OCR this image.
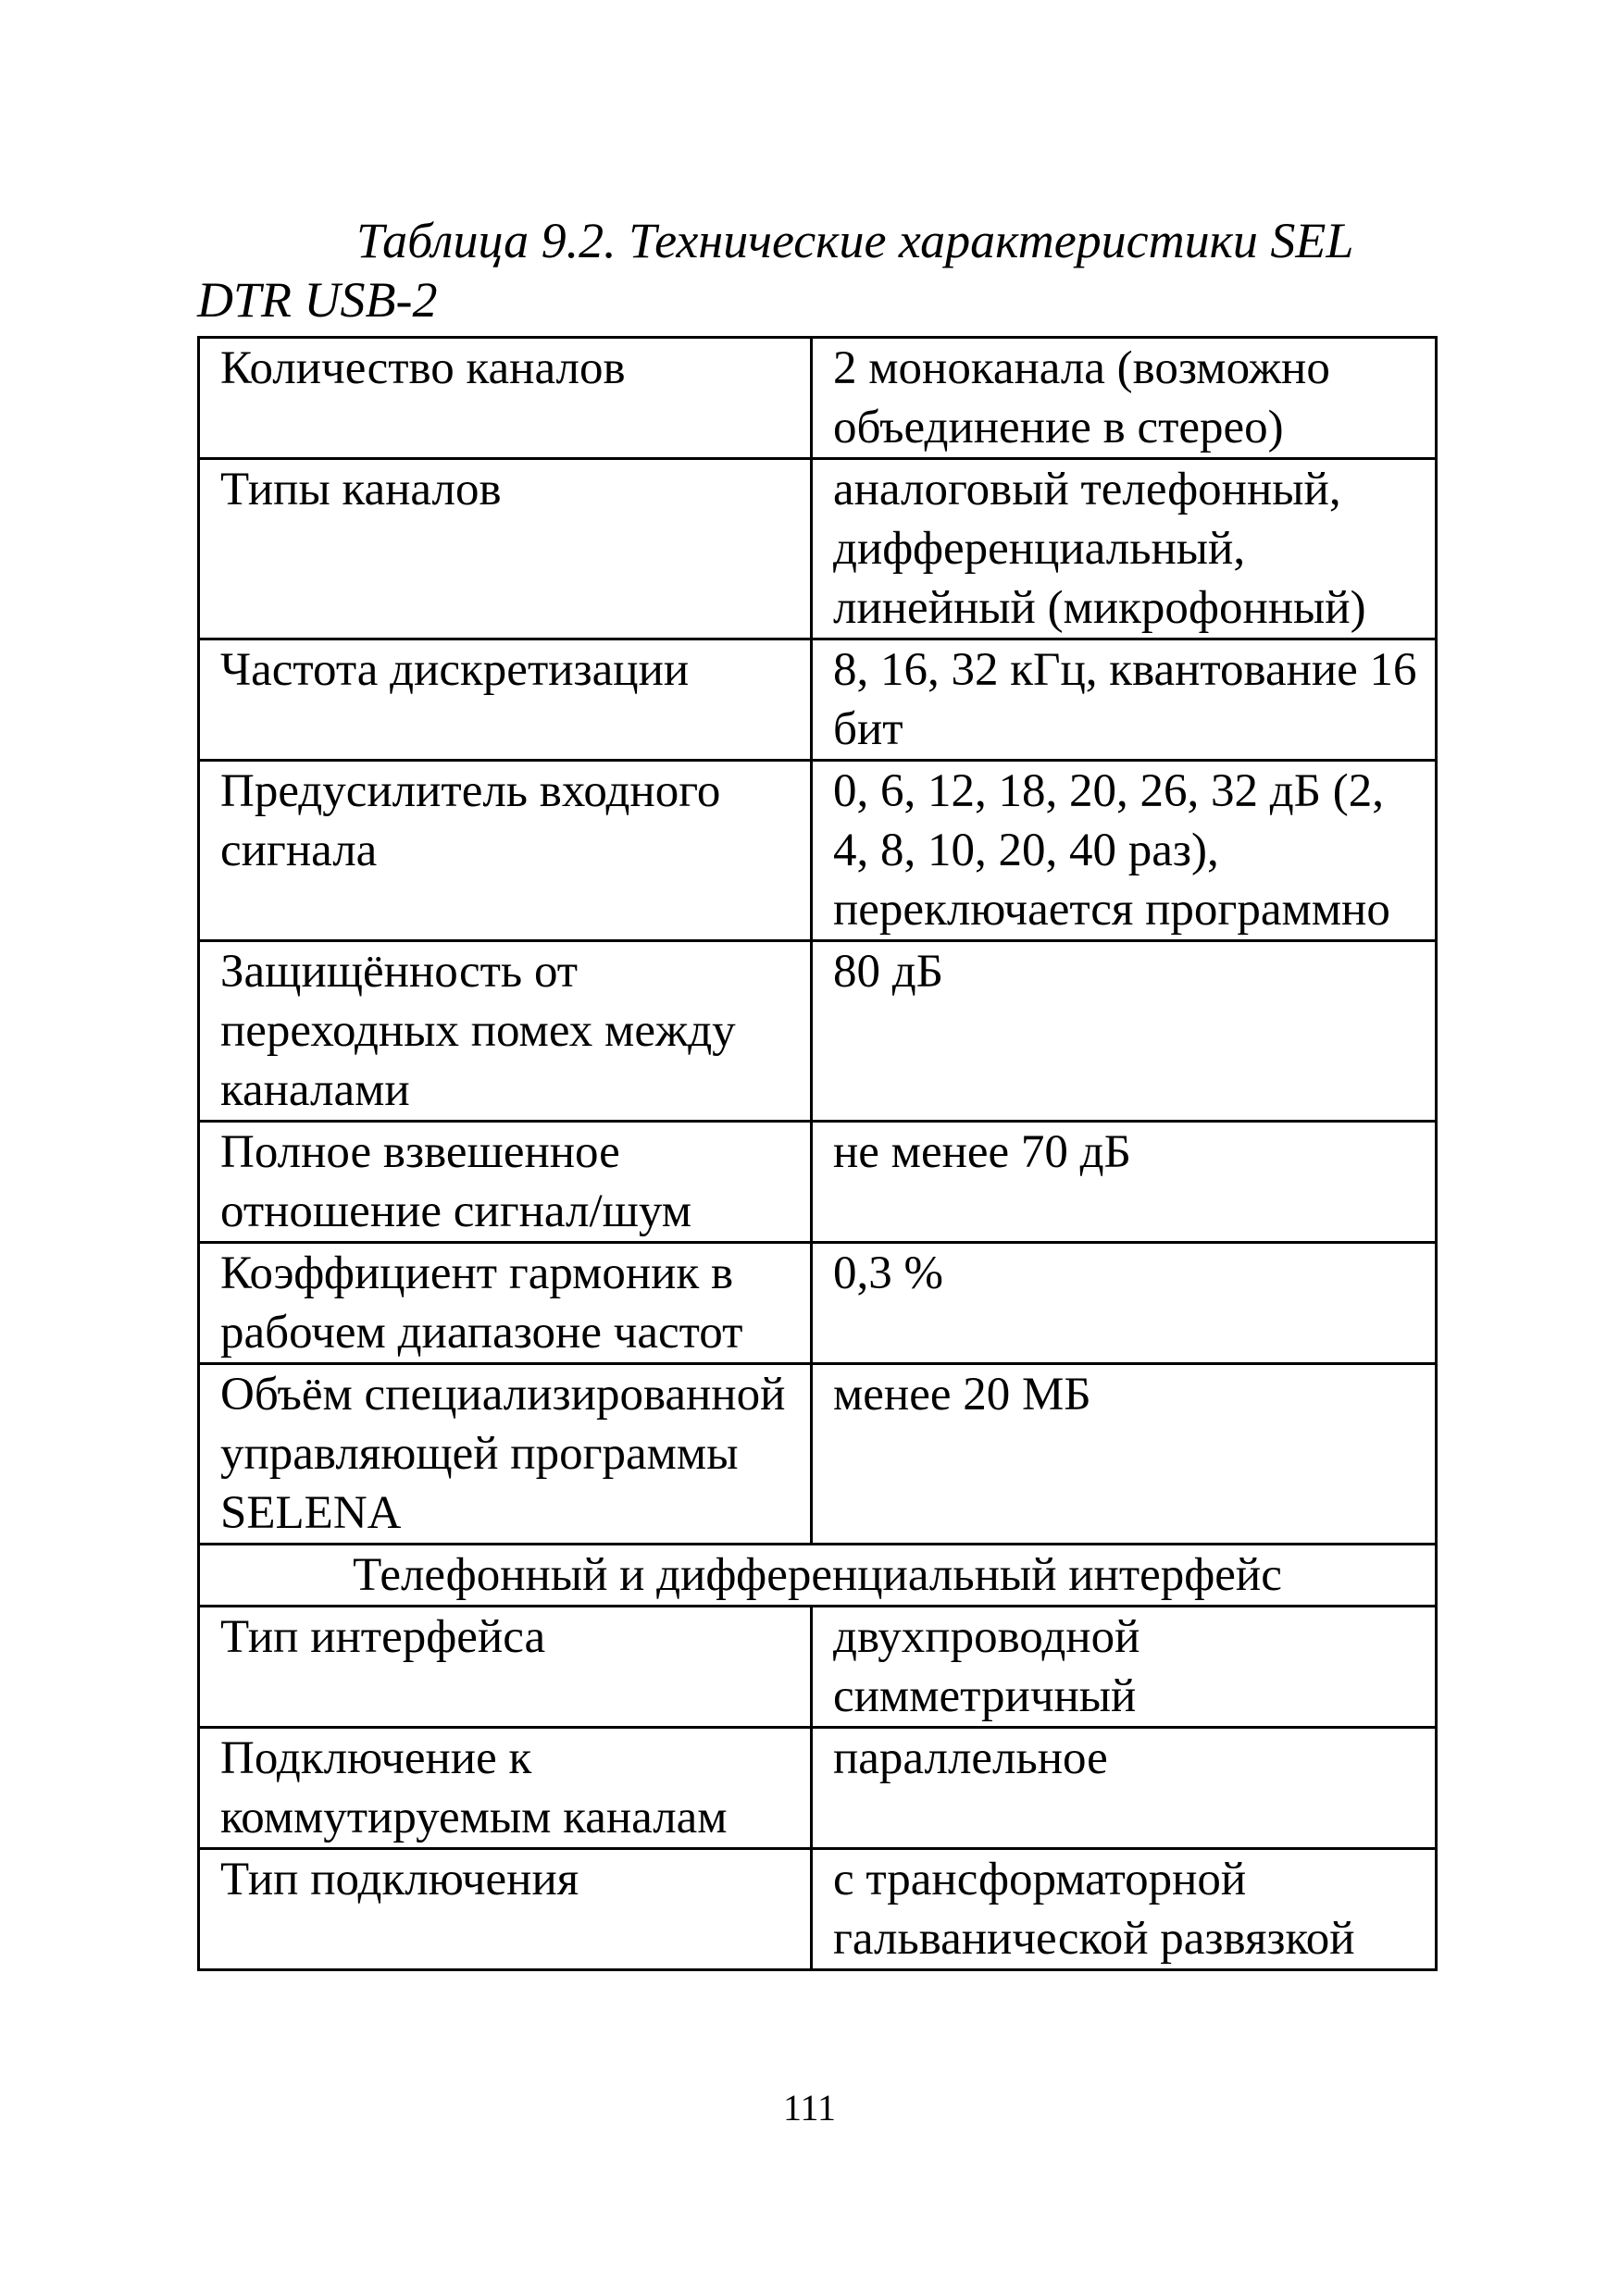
Таблица 9.2. Технические характеристики SEL DTR USB-2

Количество каналов	2 моноканала (возможно объединение в стерео)
Типы каналов	аналоговый телефонный, дифференциальный, линейный (микрофонный)
Частота дискретизации	8, 16, 32 кГц, квантование 16 бит
Предусилитель входного сигнала	0, 6, 12, 18, 20, 26, 32 дБ (2, 4, 8, 10, 20, 40 раз), переключается программно
Защищённость от переходных помех между каналами	80 дБ
Полное взвешенное отношение сигнал/шум	не менее 70 дБ
Коэффициент гармоник в рабочем диапазоне частот	0,3 %
Объём специализированной управляющей программы SELENA	менее 20 МБ
Телефонный и дифференциальный интерфейс	
Тип интерфейса	двухпроводной симметричный
Подключение к коммутируемым каналам	параллельное
Тип подключения	с трансформаторной гальванической развязкой
111
